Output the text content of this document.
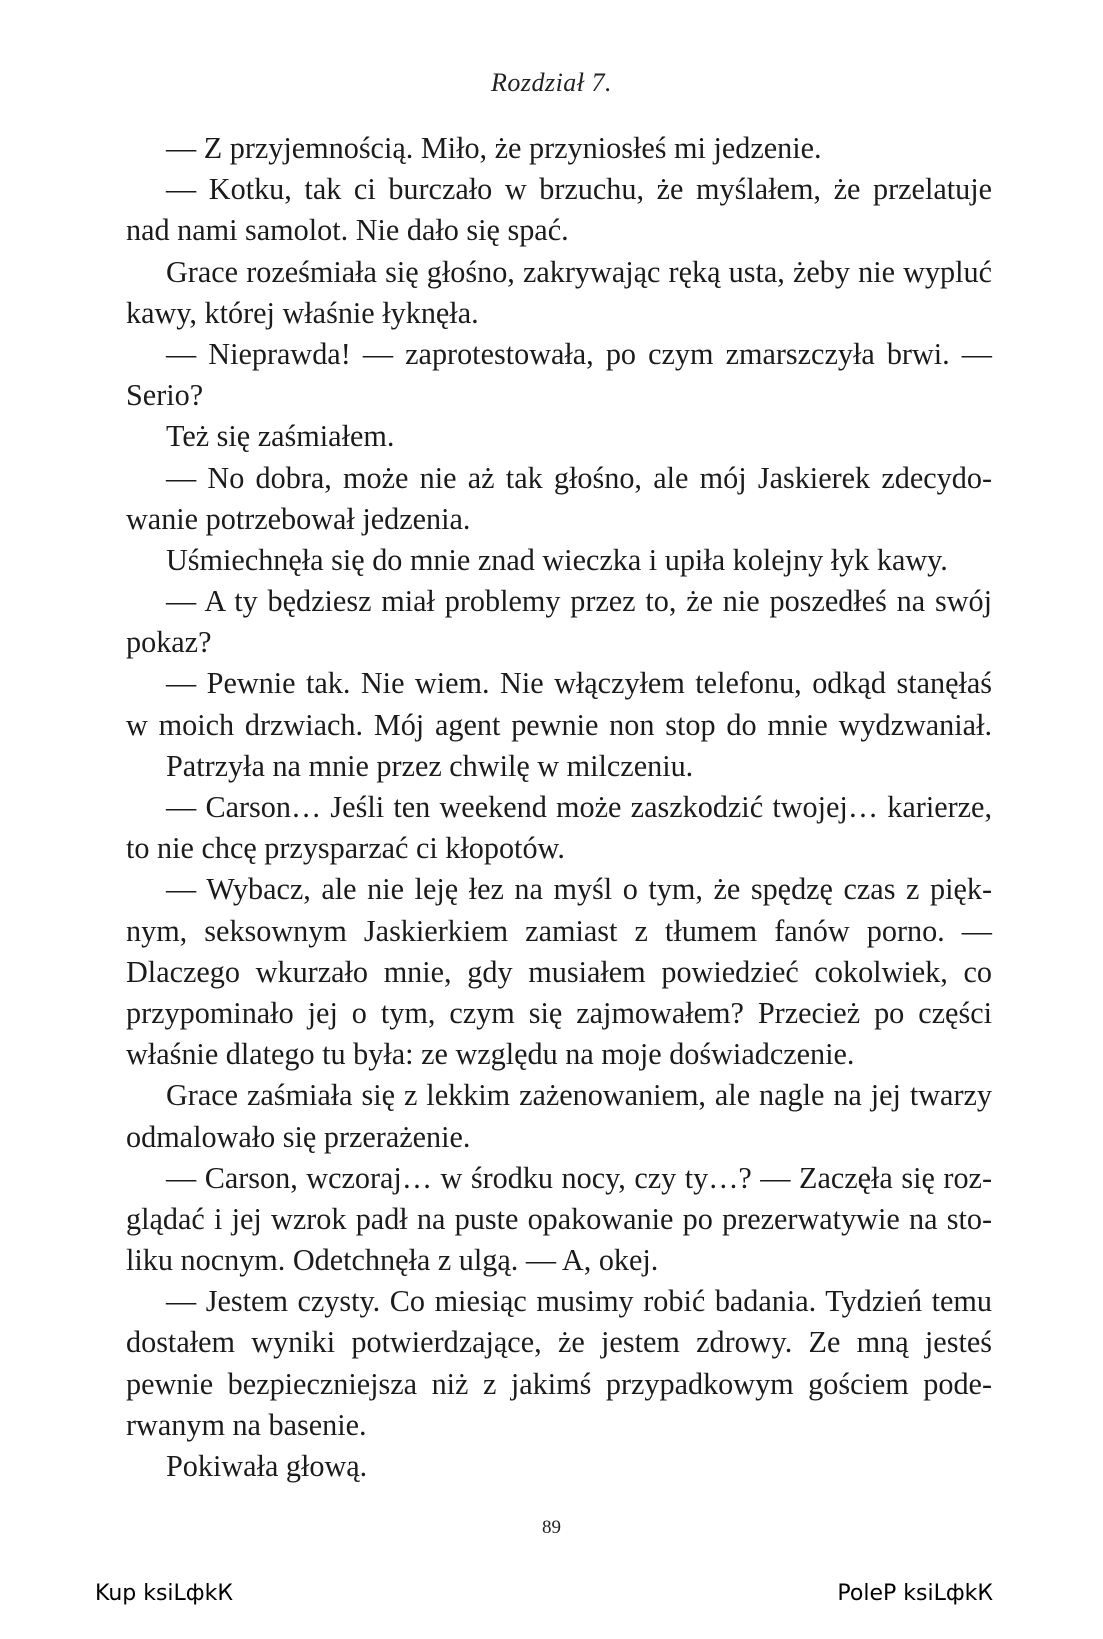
Rozdział 7.
— Z przyjemnością. Miło, że przyniosłeś mi jedzenie.
— Kotku, tak ci burczało w brzuchu, że myślałem, że przelatuje
nad nami samolot. Nie dało się spać.
Grace roześmiała się głośno, zakrywając ręką usta, żeby nie wypluć
kawy, której właśnie łyknęła.
— Nieprawda! — zaprotestowała, po czym zmarszczyła brwi. —
Serio?
Też się zaśmiałem.
— No dobra, może nie aż tak głośno, ale mój Jaskierek zdecydo-
wanie potrzebował jedzenia.
Uśmiechnęła się do mnie znad wieczka i upiła kolejny łyk kawy.
— A ty będziesz miał problemy przez to, że nie poszedłeś na swój
pokaz?
— Pewnie tak. Nie wiem. Nie włączyłem telefonu, odkąd stanęłaś
w moich drzwiach. Mój agent pewnie non stop do mnie wydzwaniał.
Patrzyła na mnie przez chwilę w milczeniu.
— Carson… Jeśli ten weekend może zaszkodzić twojej… karierze,
to nie chcę przysparzać ci kłopotów.
— Wybacz, ale nie leję łez na myśl o tym, że spędzę czas z pięk-
nym, seksownym Jaskierkiem zamiast z tłumem fanów porno. —
Dlaczego wkurzało mnie, gdy musiałem powiedzieć cokolwiek, co
przypominało jej o tym, czym się zajmowałem? Przecież po części
właśnie dlatego tu była: ze względu na moje doświadczenie.
Grace zaśmiała się z lekkim zażenowaniem, ale nagle na jej twarzy
odmalowało się przerażenie.
— Carson, wczoraj… w środku nocy, czy ty…? — Zaczęła się roz-
glądać i jej wzrok padł na puste opakowanie po prezerwatywie na sto-
liku nocnym. Odetchnęła z ulgą. — A, okej.
— Jestem czysty. Co miesiąc musimy robić badania. Tydzień temu
dostałem wyniki potwierdzające, że jestem zdrowy. Ze mną jesteś
pewnie bezpieczniejsza niż z jakimś przypadkowym gościem pode-
rwanym na basenie.
Pokiwała głową.
89
Kup ksiLфkК	PoleР ksiLфkК
